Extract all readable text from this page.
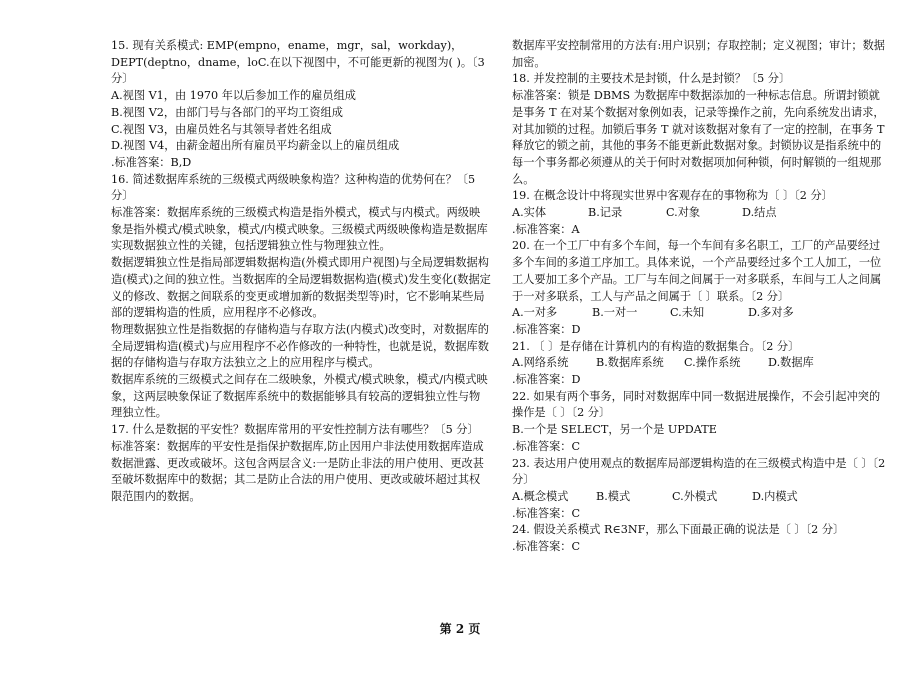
15. 现有关系模式: EMP(empno，ename，mgr，sal，workday)，DEPT(deptno，dname，loC.在以下视图中，不可能更新的视图为( )。〔3 分〕

A.视图 V1，由 1970 年以后参加工作的雇员组成

B.视图 V2，由部门号与各部门的平均工资组成

C.视图 V3，由雇员姓名与其领导者姓名组成

D.视图 V4，由薪金超出所有雇员平均薪金以上的雇员组成

.标准答案：B,D

16. 简述数据库系统的三级模式两级映象构造？这种构造的优势何在？〔5 分〕

标准答案：数据库系统的三级模式构造是指外模式，模式与内模式。两级映象是指外模式/模式映象，模式/内模式映象。三级模式两级映像构造是数据库实现数据独立性的关键，包括逻辑独立性与物理独立性。

数据逻辑独立性是指局部逻辑数据构造(外模式即用户视图)与全局逻辑数据构造(模式)之间的独立性。当数据库的全局逻辑数据构造(模式)发生变化(数据定义的修改、数据之间联系的变更或增加新的数据类型等)时，它不影响某些局部的逻辑构造的性质，应用程序不必修改。

物理数据独立性是指数据的存储构造与存取方法(内模式)改变时，对数据库的全局逻辑构造(模式)与应用程序不必作修改的一种特性，也就是说，数据库数据的存储构造与存取方法独立之上的应用程序与模式。

数据库系统的三级模式之间存在二级映象，外模式/模式映象，模式/内模式映象，这两层映象保证了数据库系统中的数据能够具有较高的逻辑独立性与物理独立性。

17. 什么是数据的平安性？数据库常用的平安性控制方法有哪些？〔5 分〕

标准答案：数据库的平安性是指保护数据库,防止因用户非法使用数据库造成数据泄露、更改或破坏。这包含两层含义:一是防止非法的用户使用、更改甚至破坏数据库中的数据；其二是防止合法的用户使用、更改或破坏超过其权限范围内的数据。

数据库平安控制常用的方法有:用户识别；存取控制；定义视图；审计；数据加密。

18. 并发控制的主要技术是封锁，什么是封锁？〔5 分〕

标准答案：锁是 DBMS 为数据库中数据添加的一种标志信息。所谓封锁就是事务 T 在对某个数据对象例如表，记录等操作之前，先向系统发出请求，对其加锁的过程。加锁后事务 T 就对该数据对象有了一定的控制，在事务 T 释放它的锁之前，其他的事务不能更新此数据对象。封锁协议是指系统中的每一个事务都必须遵从的关于何时对数据项加何种锁，何时解锁的一组规那么。

19. 在概念设计中将现实世界中客观存在的事物称为〔 〕〔2 分〕

A.实体	B.记录	C.对象	D.结点

.标准答案：A

20. 在一个工厂中有多个车间，每一个车间有多名职工，工厂的产品要经过多个车间的多道工序加工。具体来说，一个产品要经过多个工人加工，一位工人要加工多个产品。工厂与车间之间属于一对多联系，车间与工人之间属于一对多联系，工人与产品之间属于〔 〕联系。〔2 分〕

A.一对多	B.一对一	C.未知	D.多对多

.标准答案：D

21. 〔 〕是存储在计算机内的有构造的数据集合。〔2 分〕

A.网络系统	B.数据库系统	C.操作系统	D.数据库

.标准答案：D

22. 如果有两个事务，同时对数据库中同一数据进展操作，不会引起冲突的操作是〔 〕〔2 分〕

B.一个是 SELECT，另一个是 UPDATE

.标准答案：C

23. 表达用户使用观点的数据库局部逻辑构造的在三级模式构造中是〔 〕〔2 分〕

A.概念模式	B.模式	C.外模式	D.内模式

.标准答案：C

24. 假设关系模式 R∈3NF，那么下面最正确的说法是〔 〕〔2 分〕

.标准答案：C

第 2 页
